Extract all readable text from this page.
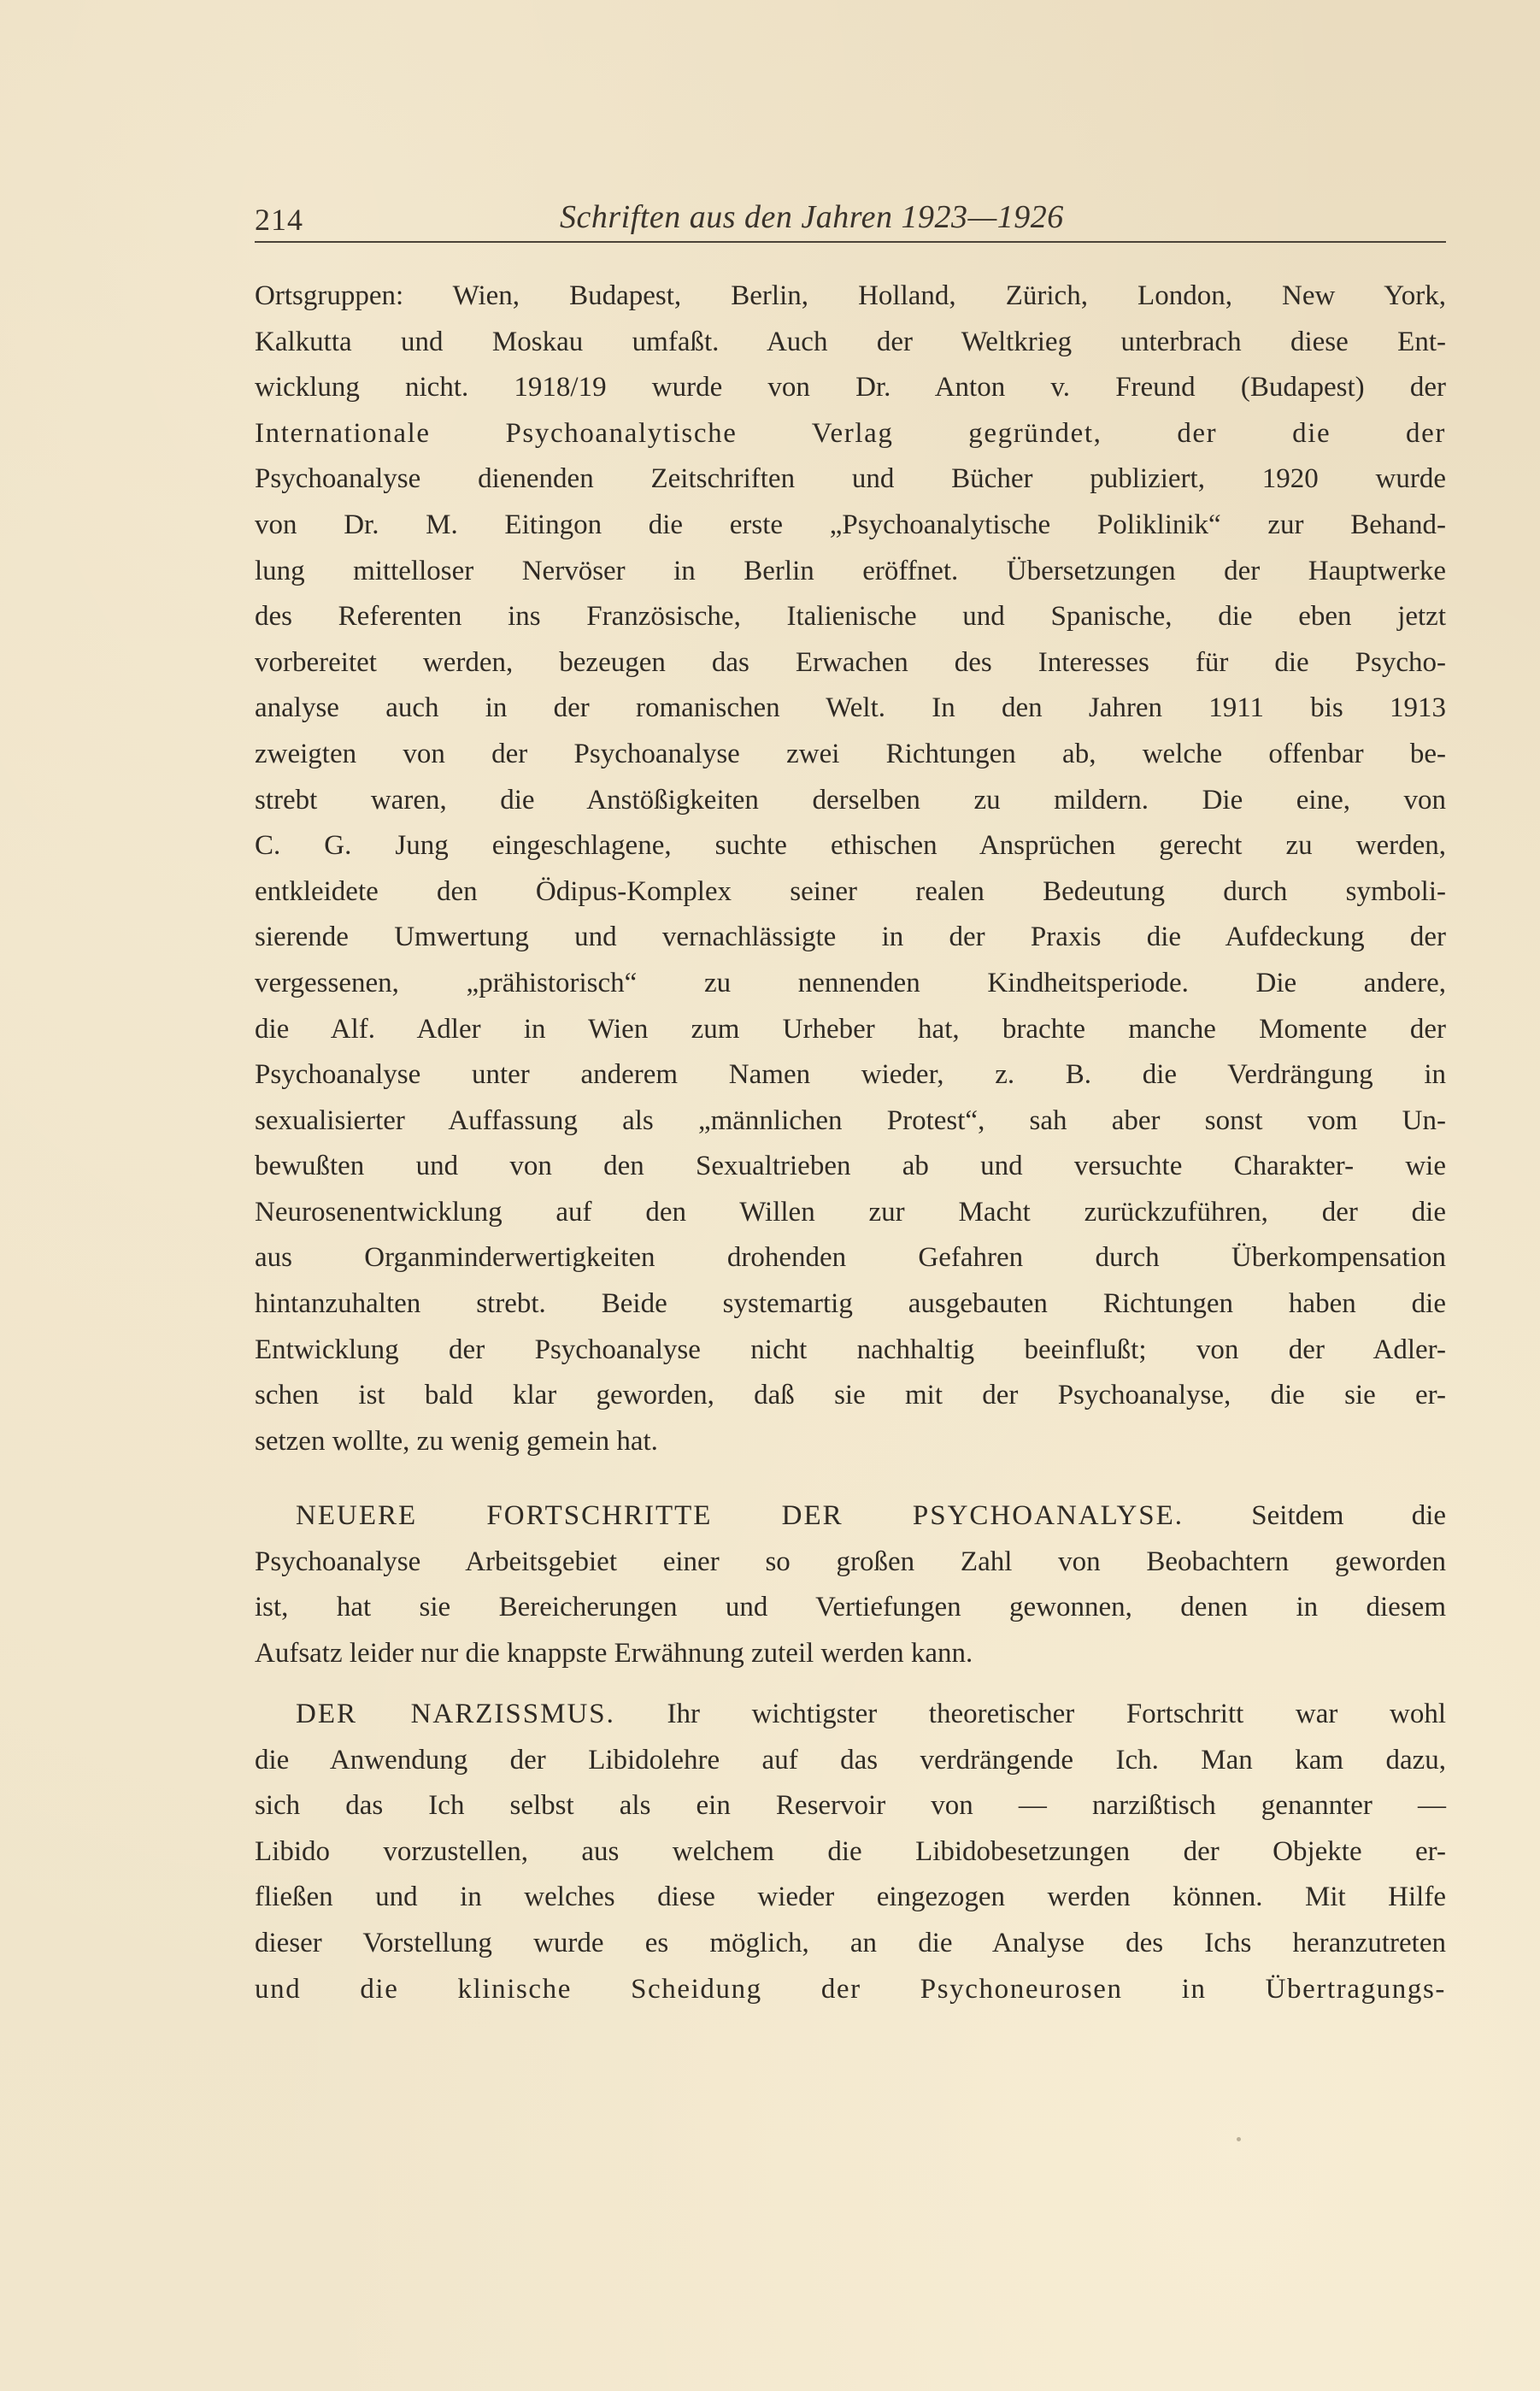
214	Schriften aus den Jahren 1923—1926
Ortsgruppen: Wien, Budapest, Berlin, Holland, Zürich, London, New York,
Kalkutta und Moskau umfaßt. Auch der Weltkrieg unterbrach diese Ent-
wicklung nicht. 1918/19 wurde von Dr. Anton v. Freund (Budapest) der
Internationale Psychoanalytische Verlag gegründet, der die der
Psychoanalyse dienenden Zeitschriften und Bücher publiziert, 1920 wurde
von Dr. M. Eitingon die erste „Psychoanalytische Poliklinik“ zur Behand-
lung mittelloser Nervöser in Berlin eröffnet. Übersetzungen der Hauptwerke
des Referenten ins Französische, Italienische und Spanische, die eben jetzt
vorbereitet werden, bezeugen das Erwachen des Interesses für die Psycho-
analyse auch in der romanischen Welt. In den Jahren 1911 bis 1913
zweigten von der Psychoanalyse zwei Richtungen ab, welche offenbar be-
strebt waren, die Anstößigkeiten derselben zu mildern. Die eine, von
C. G. Jung eingeschlagene, suchte ethischen Ansprüchen gerecht zu werden,
entkleidete den Ödipus-Komplex seiner realen Bedeutung durch symboli-
sierende Umwertung und vernachlässigte in der Praxis die Aufdeckung der
vergessenen, „prähistorisch“ zu nennenden Kindheitsperiode. Die andere,
die Alf. Adler in Wien zum Urheber hat, brachte manche Momente der
Psychoanalyse unter anderem Namen wieder, z. B. die Verdrängung in
sexualisierter Auffassung als „männlichen Protest“, sah aber sonst vom Un-
bewußten und von den Sexualtrieben ab und versuchte Charakter- wie
Neurosenentwicklung auf den Willen zur Macht zurückzuführen, der die
aus Organminderwertigkeiten drohenden Gefahren durch Überkompensation
hintanzuhalten strebt. Beide systemartig ausgebauten Richtungen haben die
Entwicklung der Psychoanalyse nicht nachhaltig beeinflußt; von der Adler-
schen ist bald klar geworden, daß sie mit der Psychoanalyse, die sie er-
setzen wollte, zu wenig gemein hat.
NEUERE FORTSCHRITTE DER PSYCHOANALYSE. Seitdem die
Psychoanalyse Arbeitsgebiet einer so großen Zahl von Beobachtern geworden
ist, hat sie Bereicherungen und Vertiefungen gewonnen, denen in diesem
Aufsatz leider nur die knappste Erwähnung zuteil werden kann.
DER NARZISSMUS. Ihr wichtigster theoretischer Fortschritt war wohl
die Anwendung der Libidolehre auf das verdrängende Ich. Man kam dazu,
sich das Ich selbst als ein Reservoir von — narzißtisch genannter —
Libido vorzustellen, aus welchem die Libidobesetzungen der Objekte er-
fließen und in welches diese wieder eingezogen werden können. Mit Hilfe
dieser Vorstellung wurde es möglich, an die Analyse des Ichs heranzutreten
und die klinische Scheidung der Psychoneurosen in Übertragungs-
